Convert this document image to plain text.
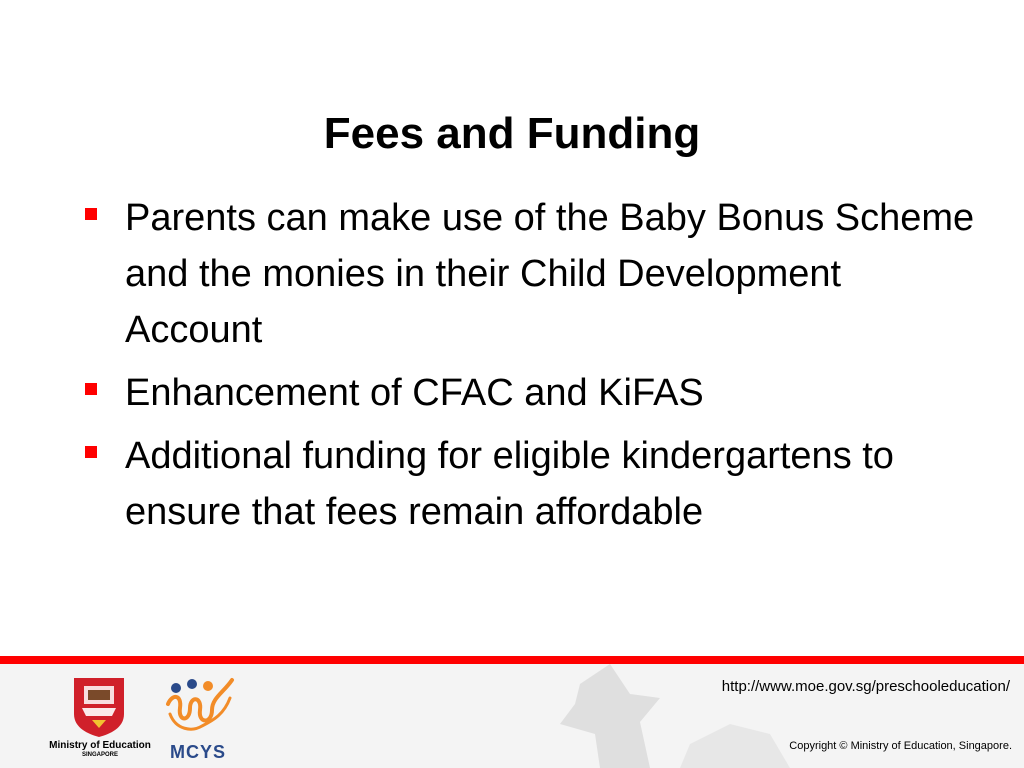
Fees and Funding
Parents can make use of the Baby Bonus Scheme and the monies in their Child Development Account
Enhancement of CFAC and KiFAS
Additional funding for eligible kindergartens to ensure that fees remain affordable
Ministry of Education
SINGAPORE	MCYS
http://www.moe.gov.sg/preschooleducation/
Copyright © Ministry of Education, Singapore.
